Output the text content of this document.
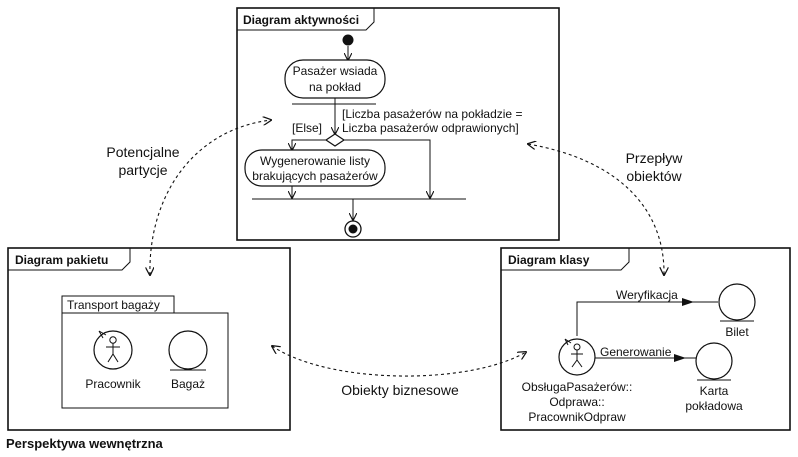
Diagram aktywności
Pasażer wsiada
na pokład
[Liczba pasażerów na pokładzie =
Liczba pasażerów odprawionych]
[Else]
Wygenerowanie listy
brakujących pasażerów
Diagram pakietu
Transport bagaży
Pracownik	Bagaż
Diagram klasy
Weryfikacja
Bilet
ObsługaPasażerów::
Odprawa::
PracownikOdpraw
Generowanie
Karta
pokładowa
Potencjalne
partycje
Przepływ
obiektów
Obiekty biznesowe
Perspektywa wewnętrzna
